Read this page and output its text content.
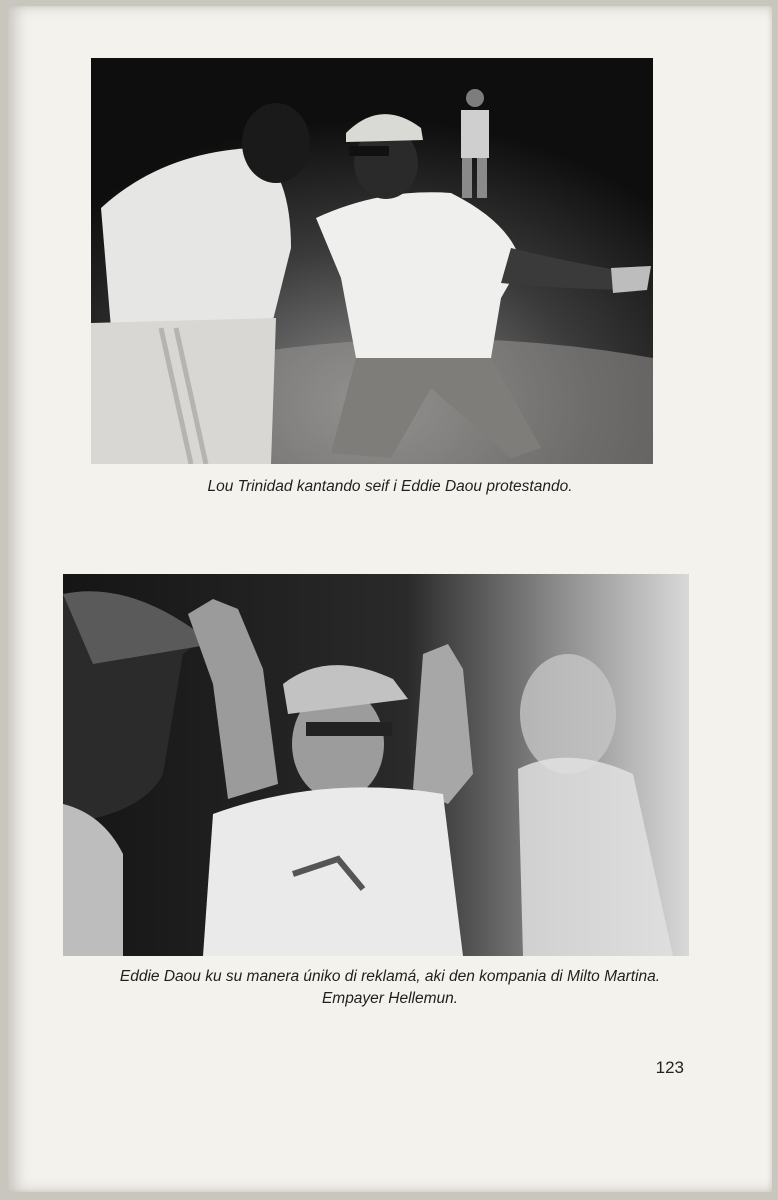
Lou Trinidad kantando seif i Eddie Daou protestando.
Eddie Daou ku su manera úniko di reklamá, aki den kompania di Milto Martina.
Empayer Hellemun.
123
